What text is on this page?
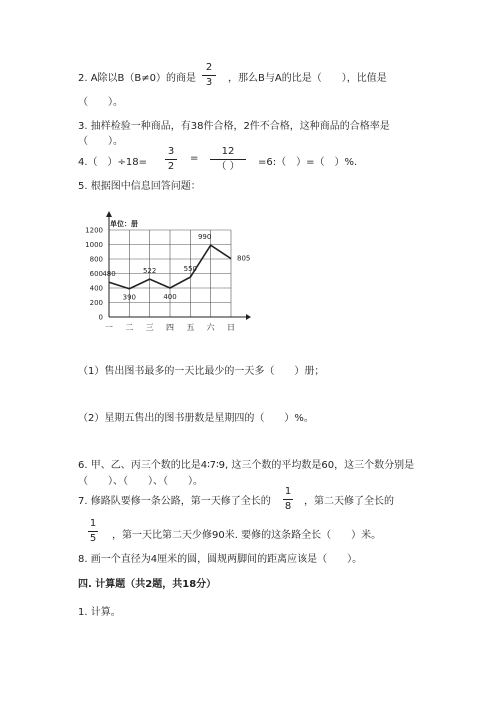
2. A除以B（B≠0）的商是
2
3 ，那么B与A的比是（　　），比值是
（　　）。
3. 抽样检验一种商品，有38件合格，2件不合格，这种商品的合格率是
（　　）。
4.（　）÷18=
3
2
=
12
（ ） =6:（　）=（　）%.
5. 根据图中信息回答问题：
0
200
400
600
800
1000
1200
一 二 三 四 五 六 日
480
390
522
400
550
990
805
单位：册
（1）售出图书最多的一天比最少的一天多（　　）册；
（2）星期五售出的图书册数是星期四的（　　）%。
6. 甲、乙、丙三个数的比是4∶7∶9, 这三个数的平均数是60，这三个数分别是
（　　）、（　　）、（　　）。
7. 修路队要修一条公路，第一天修了全长的
1
8 ，第二天修了全长的
1
5 ，第一天比第二天少修90米. 要修的这条路全长（　　）米。
8. 画一个直径为4厘米的圆，圆规两脚间的距离应该是（　　）。
四. 计算题（共2题，共18分）
1. 计算。
